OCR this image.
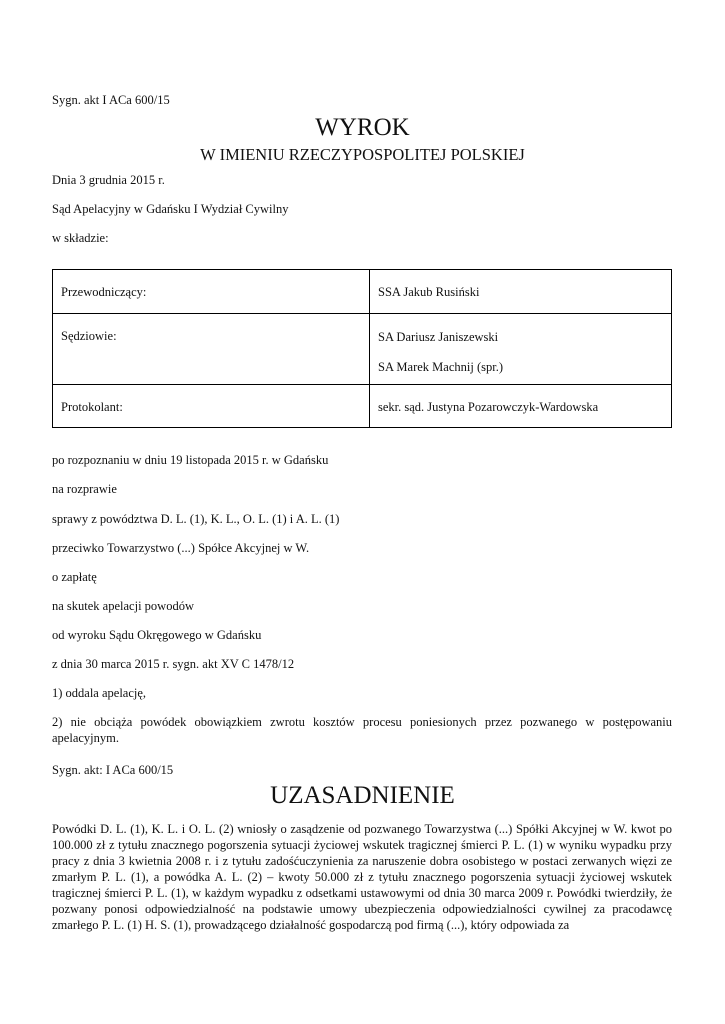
Sygn. akt I ACa 600/15
WYROK
W IMIENIU RZECZYPOSPOLITEJ POLSKIEJ
Dnia 3 grudnia 2015 r.
Sąd Apelacyjny w Gdańsku I Wydział Cywilny
w składzie:
Przewodniczący:	SSA Jakub Rusiński
Sędziowie:	SA Dariusz Janiszewski
SA Marek Machnij (spr.)

Protokolant:	sekr. sąd. Justyna Pozarowczyk-Wardowska
po rozpoznaniu w dniu 19 listopada 2015 r. w Gdańsku
na rozprawie
sprawy z powództwa D. L. (1), K. L., O. L. (1) i A. L. (1)
przeciwko Towarzystwo (...) Spółce Akcyjnej w W.
o zapłatę
na skutek apelacji powodów
od wyroku Sądu Okręgowego w Gdańsku
z dnia 30 marca 2015 r. sygn. akt XV C 1478/12
1) oddala apelację,
2) nie obciąża powódek obowiązkiem zwrotu kosztów procesu poniesionych przez pozwanego w postępowaniu apelacyjnym.
Sygn. akt: I ACa 600/15
UZASADNIENIE
Powódki D. L. (1), K. L. i O. L. (2) wniosły o zasądzenie od pozwanego Towarzystwa (...) Spółki Akcyjnej w W. kwot po 100.000 zł z tytułu znacznego pogorszenia sytuacji życiowej wskutek tragicznej śmierci P. L. (1) w wyniku wypadku przy pracy z dnia 3 kwietnia 2008 r. i z tytułu zadośćuczynienia za naruszenie dobra osobistego w postaci zerwanych więzi ze zmarłym P. L. (1), a powódka A. L. (2) – kwoty 50.000 zł z tytułu znacznego pogorszenia sytuacji życiowej wskutek tragicznej śmierci P. L. (1), w każdym wypadku z odsetkami ustawowymi od dnia 30 marca 2009 r. Powódki twierdziły, że pozwany ponosi odpowiedzialność na podstawie umowy ubezpieczenia odpowiedzialności cywilnej za pracodawcę zmarłego P. L. (1) H. S. (1), prowadzącego działalność gospodarczą pod firmą (...), który odpowiada za
